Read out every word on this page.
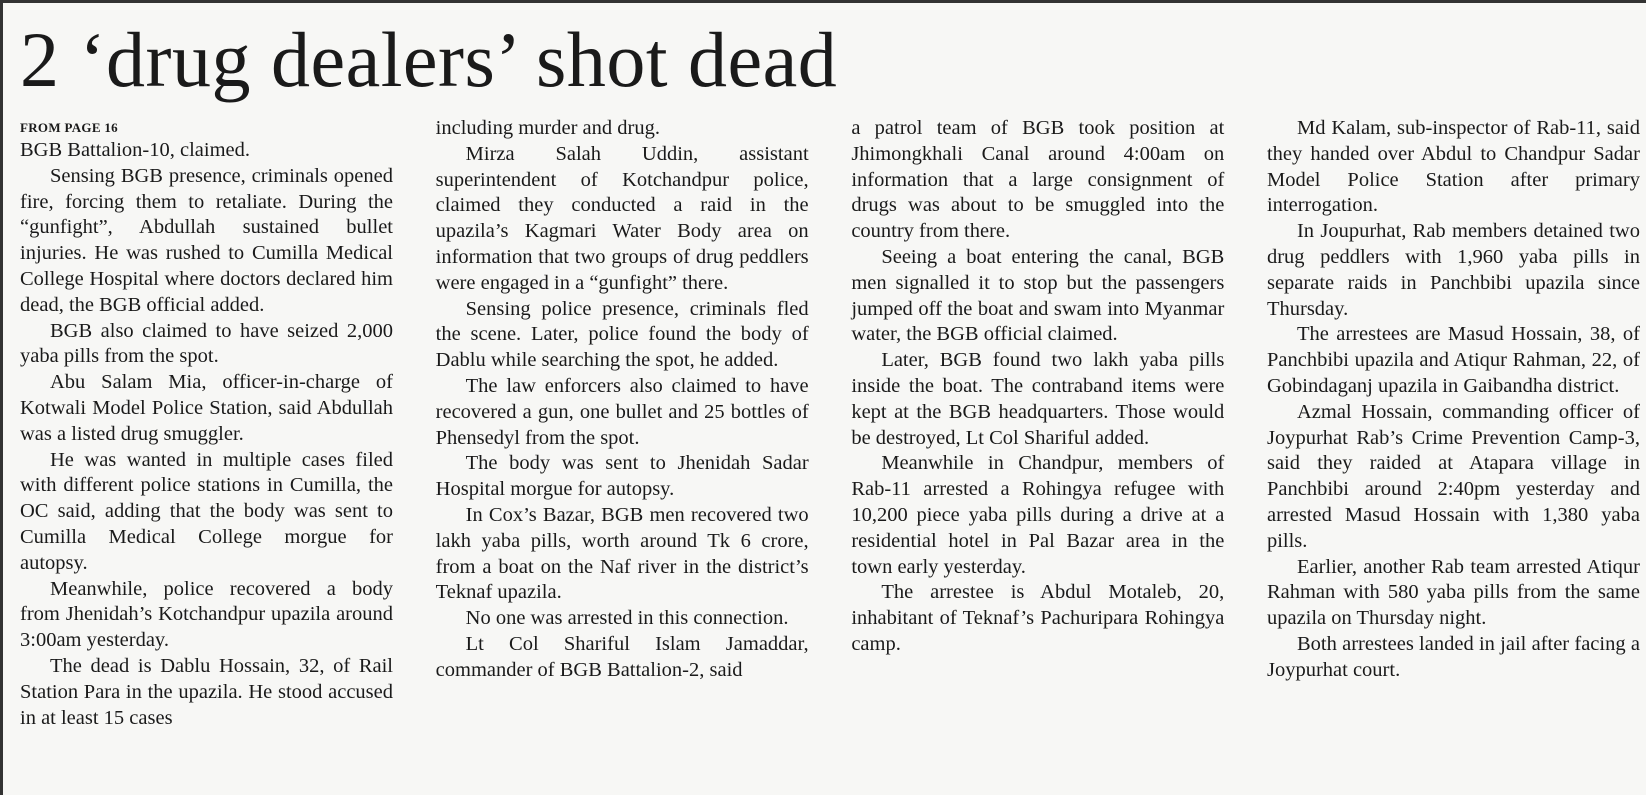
2 ‘drug dealers’ shot dead
FROM PAGE 16

BGB Battalion-10, claimed.

Sensing BGB presence, criminals opened fire, forcing them to retaliate. During the “gunfight”, Abdullah sustained bullet injuries. He was rushed to Cumilla Medical College Hospital where doctors declared him dead, the BGB official added.

BGB also claimed to have seized 2,000 yaba pills from the spot.

Abu Salam Mia, officer-in-charge of Kotwali Model Police Station, said Abdullah was a listed drug smuggler.

He was wanted in multiple cases filed with different police stations in Cumilla, the OC said, adding that the body was sent to Cumilla Medical College morgue for autopsy.

Meanwhile, police recovered a body from Jhenidah’s Kotchandpur upazila around 3:00am yesterday.

The dead is Dablu Hossain, 32, of Rail Station Para in the upazila. He stood accused in at least 15 cases

including murder and drug.

Mirza Salah Uddin, assistant superintendent of Kotchandpur police, claimed they conducted a raid in the upazila’s Kagmari Water Body area on information that two groups of drug peddlers were engaged in a “gunfight” there.

Sensing police presence, criminals fled the scene. Later, police found the body of Dablu while searching the spot, he added.

The law enforcers also claimed to have recovered a gun, one bullet and 25 bottles of Phensedyl from the spot.

The body was sent to Jhenidah Sadar Hospital morgue for autopsy.

In Cox’s Bazar, BGB men recovered two lakh yaba pills, worth around Tk 6 crore, from a boat on the Naf river in the district’s Teknaf upazila.

No one was arrested in this connection.

Lt Col Shariful Islam Jamaddar, commander of BGB Battalion-2, said

a patrol team of BGB took position at Jhimongkhali Canal around 4:00am on information that a large consignment of drugs was about to be smuggled into the country from there.

Seeing a boat entering the canal, BGB men signalled it to stop but the passengers jumped off the boat and swam into Myanmar water, the BGB official claimed.

Later, BGB found two lakh yaba pills inside the boat. The contraband items were kept at the BGB headquarters. Those would be destroyed, Lt Col Shariful added.

Meanwhile in Chandpur, members of Rab-11 arrested a Rohingya refugee with 10,200 piece yaba pills during a drive at a residential hotel in Pal Bazar area in the town early yesterday.

The arrestee is Abdul Motaleb, 20, inhabitant of Teknaf’s Pachuripara Rohingya camp.

Md Kalam, sub-inspector of Rab-11, said they handed over Abdul to Chandpur Sadar Model Police Station after primary interrogation.

In Joupurhat, Rab members detained two drug peddlers with 1,960 yaba pills in separate raids in Panchbibi upazila since Thursday.

The arrestees are Masud Hossain, 38, of Panchbibi upazila and Atiqur Rahman, 22, of Gobindaganj upazila in Gaibandha district.

Azmal Hossain, commanding officer of Joypurhat Rab’s Crime Prevention Camp-3, said they raided at Atapara village in Panchbibi around 2:40pm yesterday and arrested Masud Hossain with 1,380 yaba pills.

Earlier, another Rab team arrested Atiqur Rahman with 580 yaba pills from the same upazila on Thursday night.

Both arrestees landed in jail after facing a Joypurhat court.
